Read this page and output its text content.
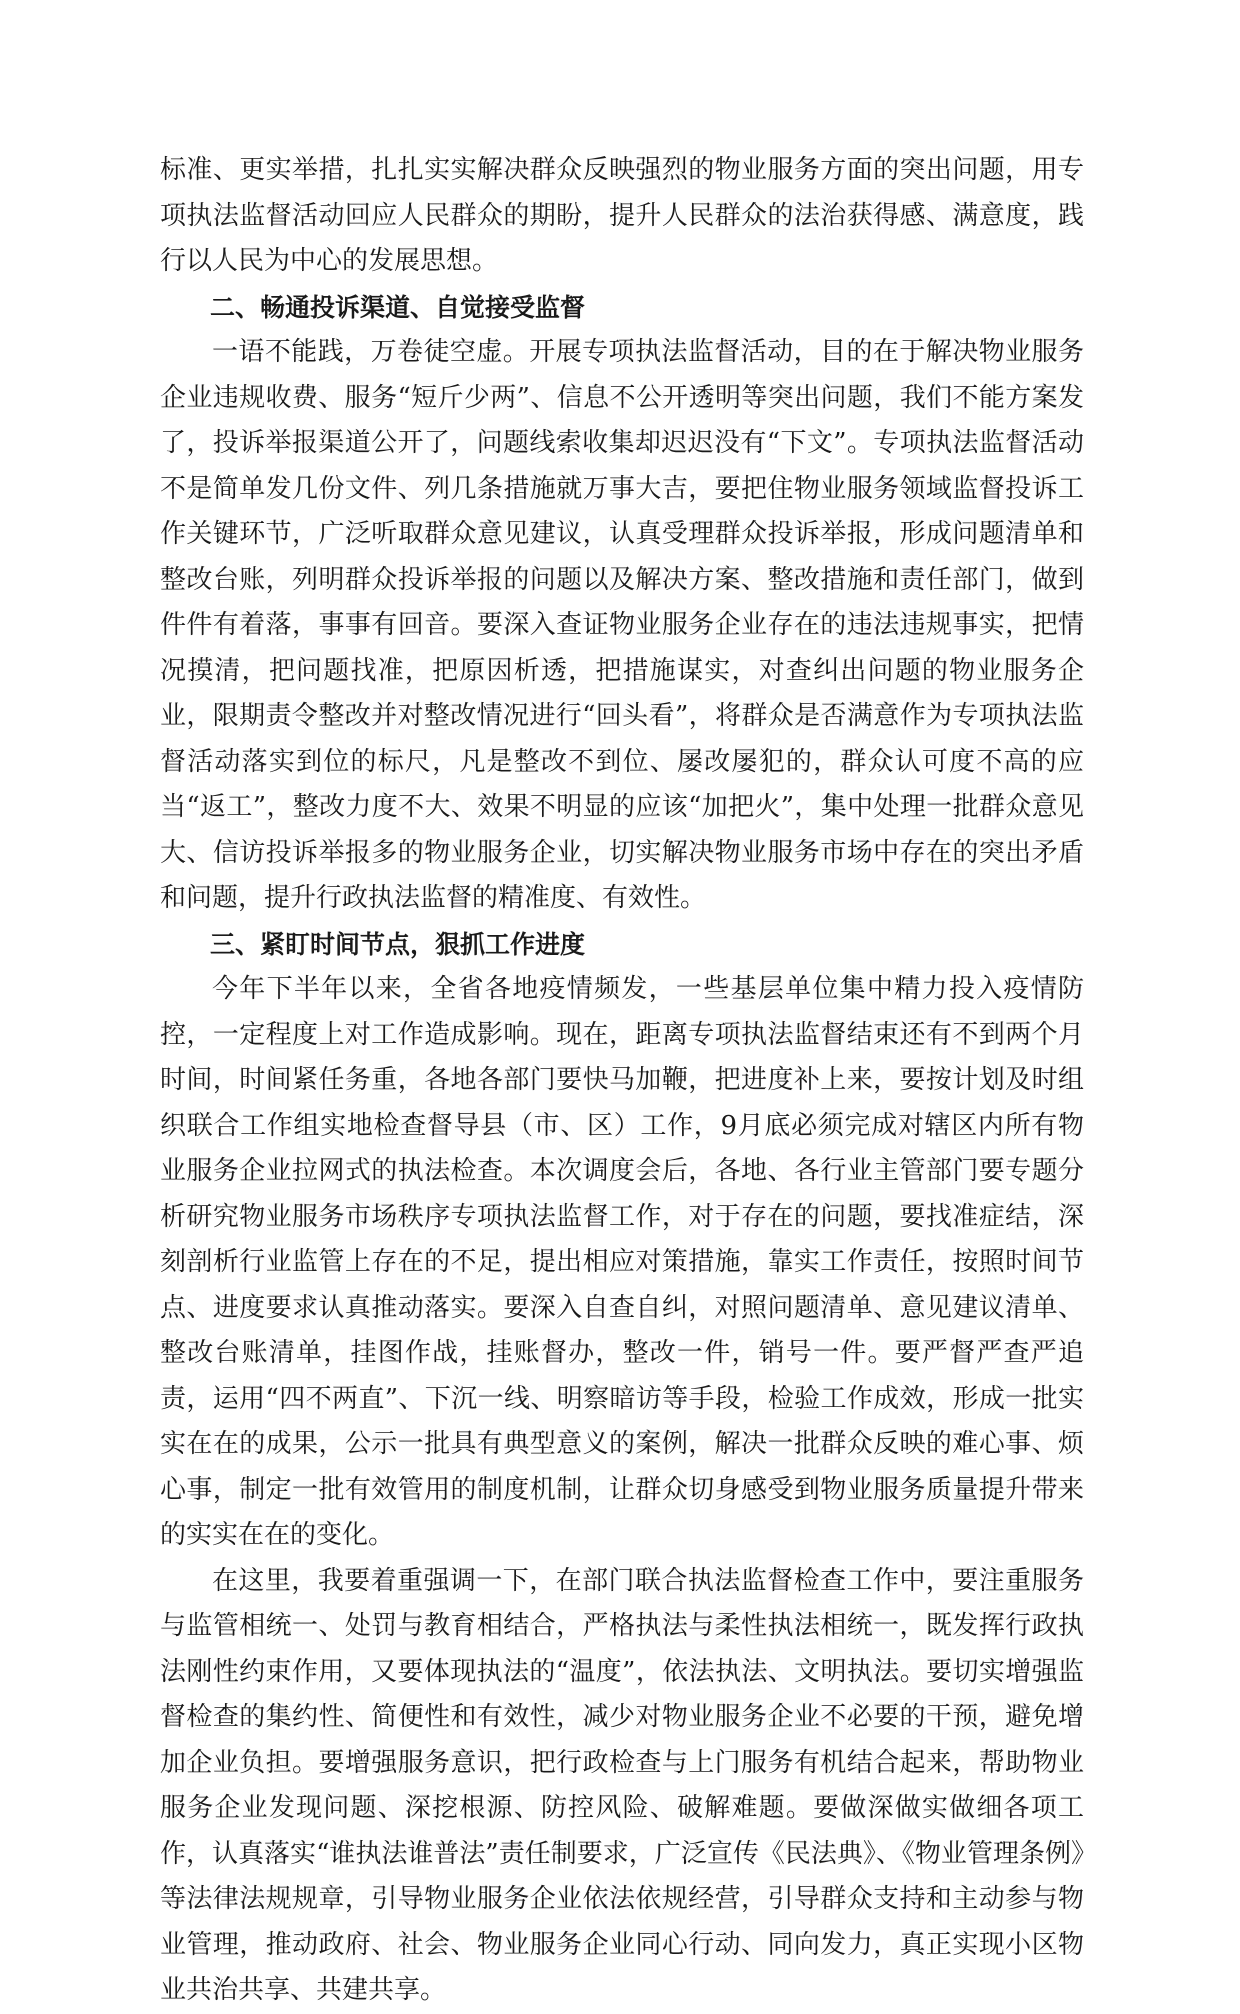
标准、更实举措，扎扎实实解决群众反映强烈的物业服务方面的突出问题，用专项执法监督活动回应人民群众的期盼，提升人民群众的法治获得感、满意度，践行以人民为中心的发展思想。

二、畅通投诉渠道、自觉接受监督

一语不能践，万卷徒空虚。开展专项执法监督活动，目的在于解决物业服务企业违规收费、服务“短斤少两”、信息不公开透明等突出问题，我们不能方案发了，投诉举报渠道公开了，问题线索收集却迟迟没有“下文”。专项执法监督活动不是简单发几份文件、列几条措施就万事大吉，要把住物业服务领域监督投诉工作关键环节，广泛听取群众意见建议，认真受理群众投诉举报，形成问题清单和整改台账，列明群众投诉举报的问题以及解决方案、整改措施和责任部门，做到件件有着落，事事有回音。要深入查证物业服务企业存在的违法违规事实，把情况摸清，把问题找准，把原因析透，把措施谋实，对查纠出问题的物业服务企业，限期责令整改并对整改情况进行“回头看”，将群众是否满意作为专项执法监督活动落实到位的标尺，凡是整改不到位、屡改屡犯的，群众认可度不高的应当“返工”，整改力度不大、效果不明显的应该“加把火”，集中处理一批群众意见大、信访投诉举报多的物业服务企业，切实解决物业服务市场中存在的突出矛盾和问题，提升行政执法监督的精准度、有效性。

三、紧盯时间节点，狠抓工作进度

今年下半年以来，全省各地疫情频发，一些基层单位集中精力投入疫情防控，一定程度上对工作造成影响。现在，距离专项执法监督结束还有不到两个月时间，时间紧任务重，各地各部门要快马加鞭，把进度补上来，要按计划及时组织联合工作组实地检查督导县（市、区）工作，9月底必须完成对辖区内所有物业服务企业拉网式的执法检查。本次调度会后，各地、各行业主管部门要专题分析研究物业服务市场秩序专项执法监督工作，对于存在的问题，要找准症结，深刻剖析行业监管上存在的不足，提出相应对策措施，靠实工作责任，按照时间节点、进度要求认真推动落实。要深入自查自纠，对照问题清单、意见建议清单、整改台账清单，挂图作战，挂账督办，整改一件，销号一件。要严督严查严追责，运用“四不两直”、下沉一线、明察暗访等手段，检验工作成效，形成一批实实在在的成果，公示一批具有典型意义的案例，解决一批群众反映的难心事、烦心事，制定一批有效管用的制度机制，让群众切身感受到物业服务质量提升带来的实实在在的变化。

在这里，我要着重强调一下，在部门联合执法监督检查工作中，要注重服务与监管相统一、处罚与教育相结合，严格执法与柔性执法相统一，既发挥行政执法刚性约束作用，又要体现执法的“温度”，依法执法、文明执法。要切实增强监督检查的集约性、简便性和有效性，减少对物业服务企业不必要的干预，避免增加企业负担。要增强服务意识，把行政检查与上门服务有机结合起来，帮助物业服务企业发现问题、深挖根源、防控风险、破解难题。要做深做实做细各项工作，认真落实“谁执法谁普法”责任制要求，广泛宣传《民法典》、《物业管理条例》等法律法规规章，引导物业服务企业依法依规经营，引导群众支持和主动参与物业管理，推动政府、社会、物业服务企业同心行动、同向发力，真正实现小区物业共治共享、共建共享。
